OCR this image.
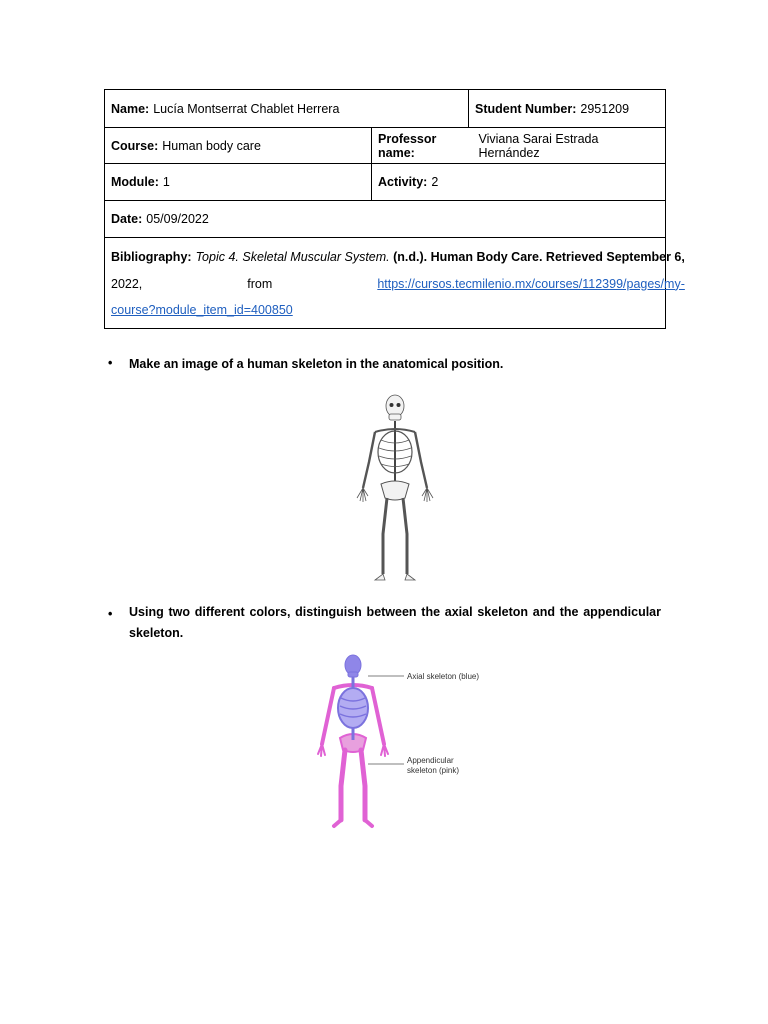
Name: Lucía Montserrat Chablet Herrera	Student Number: 2951209
Course: Human body care	Professor name:
Viviana Sarai Estrada Hernández
Module: 1	Activity: 2
Date: 05/09/2022
Bibliography: Topic 4. Skeletal Muscular System. (n.d.). Human Body Care. Retrieved September 6,
2022,	from	https://cursos.tecmilenio.mx/courses/112399/pages/my-
course?module_item_id=400850
• Make an image of a human skeleton in the anatomical position.
• Using two different colors, distinguish between the axial skeleton and the appendicular skeleton.
Axial skeleton (blue)
Appendicular
skeleton (pink)
